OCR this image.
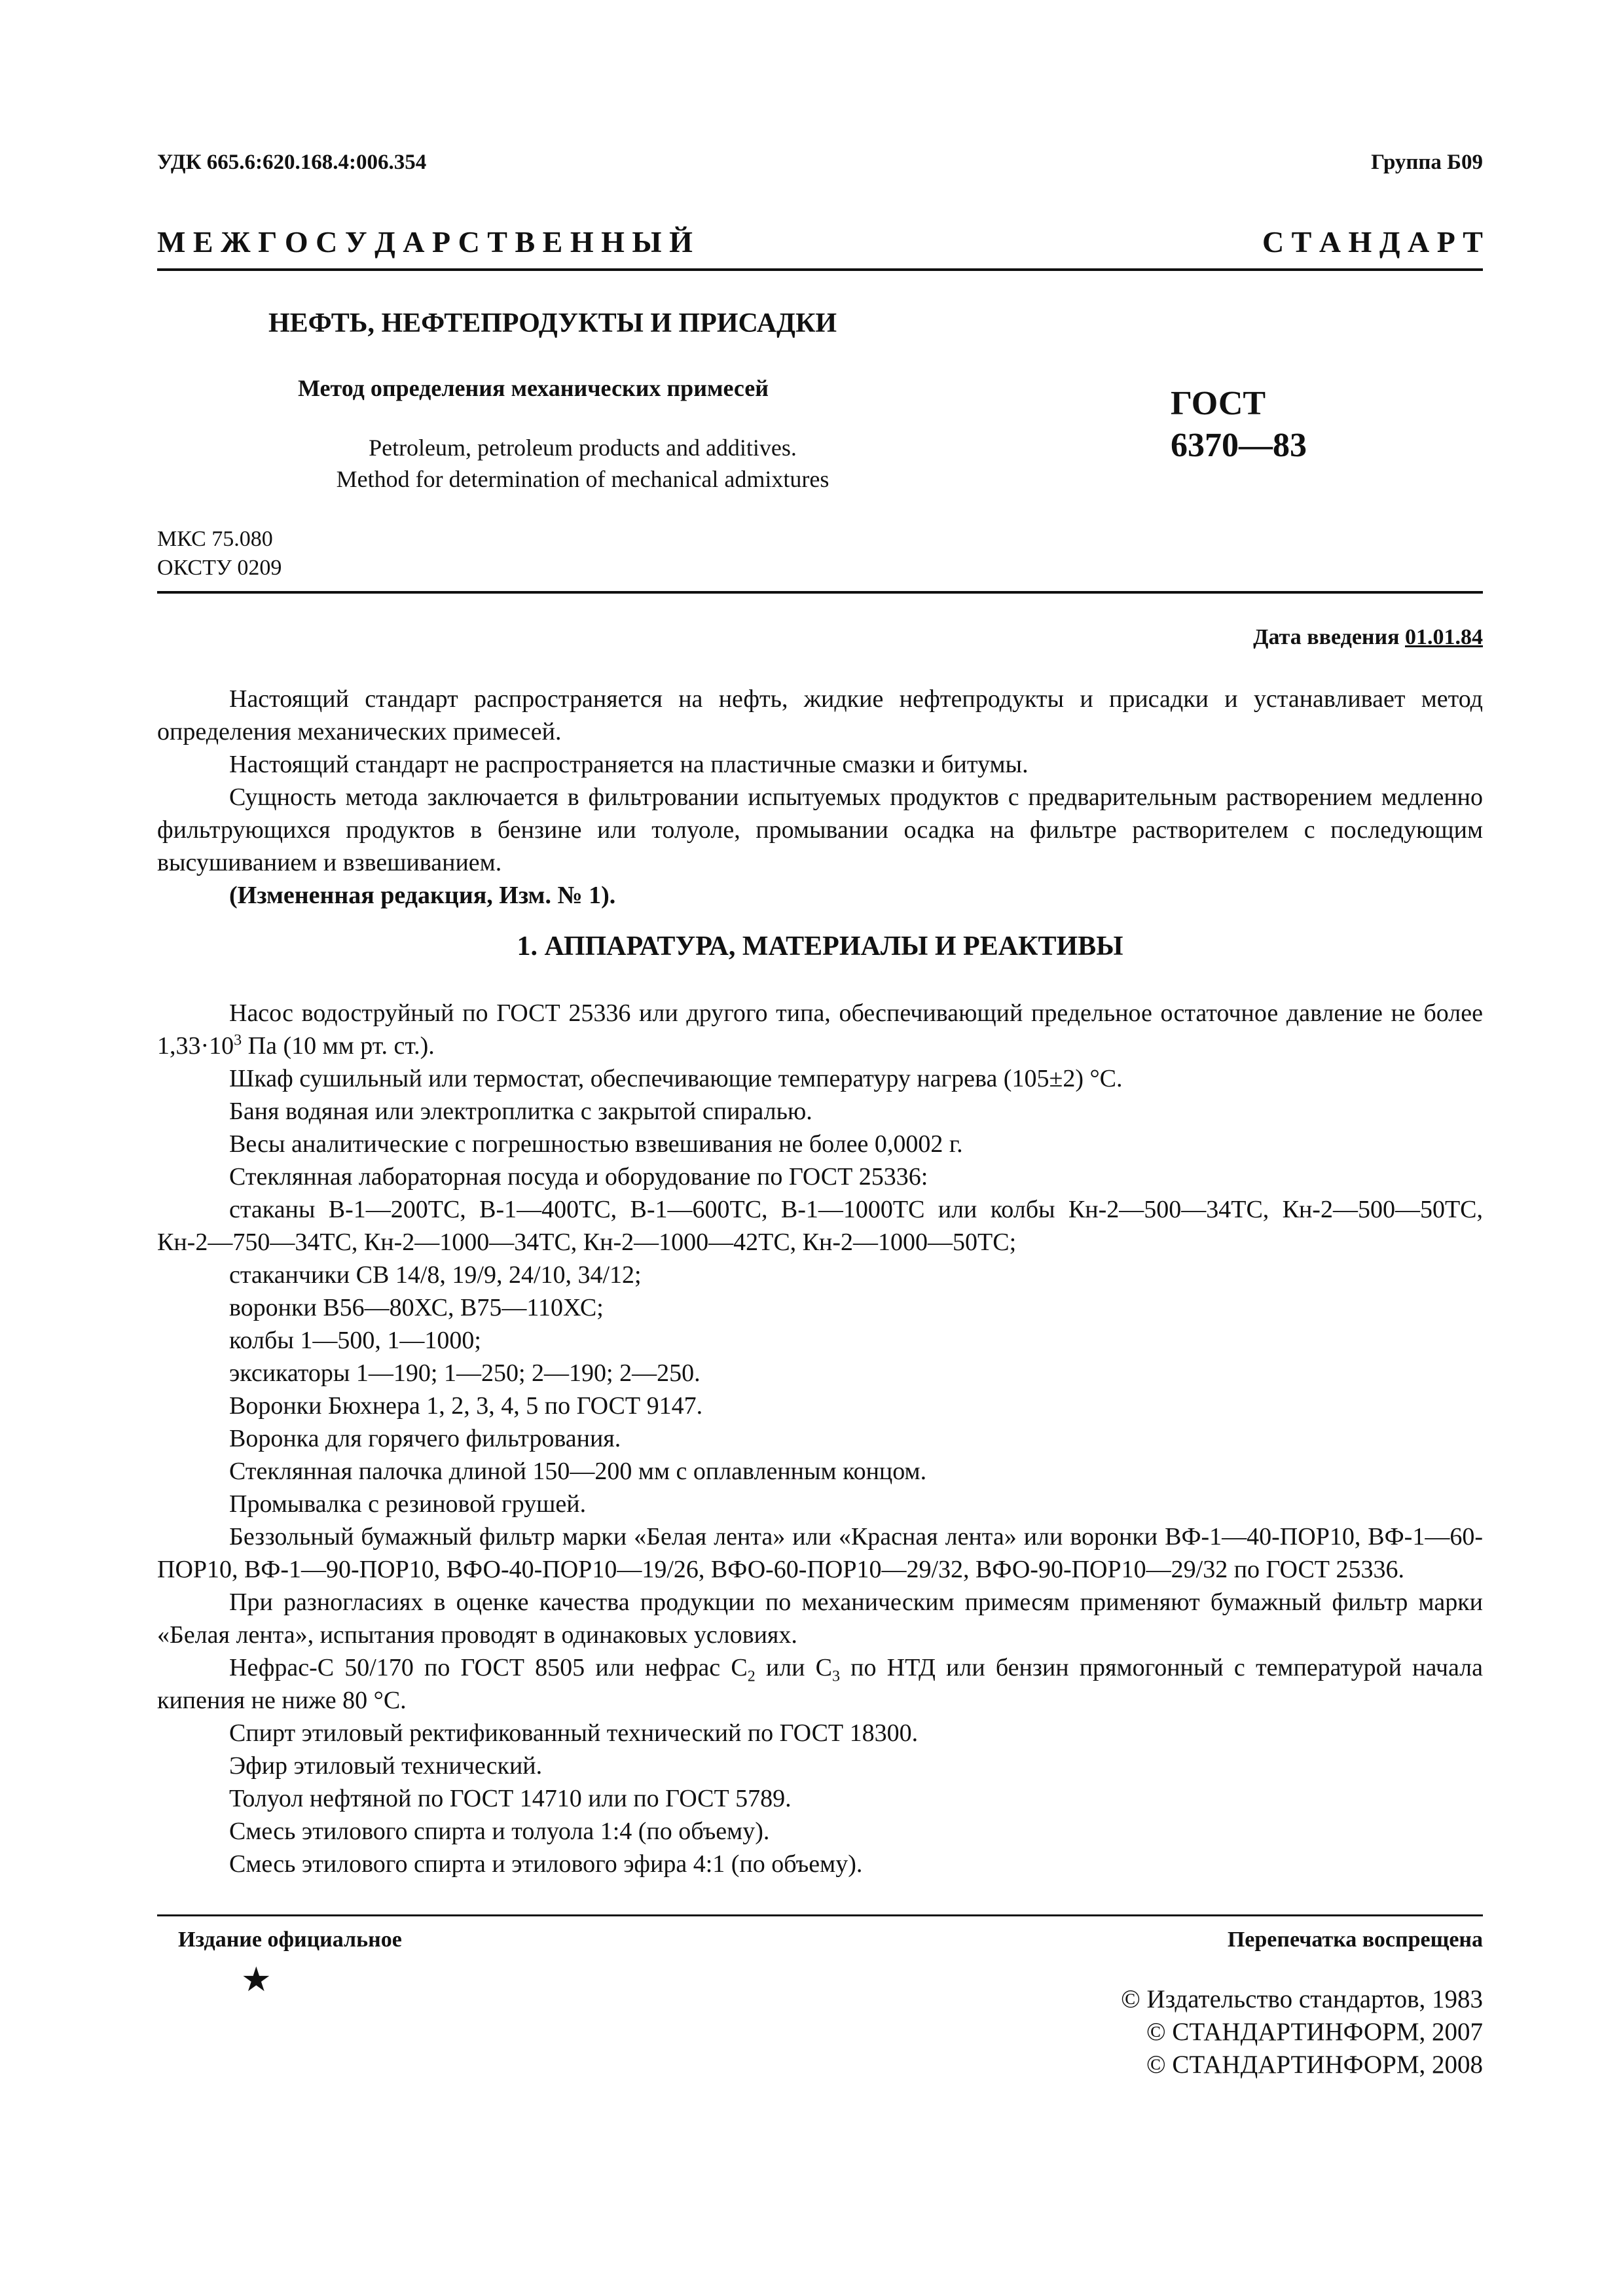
УДК 665.6:620.168.4:006.354	Группа Б09
М Е Ж Г О С У Д А Р С Т В Е Н Н Ы Й	С Т А Н Д А Р Т
НЕФТЬ, НЕФТЕПРОДУКТЫ И ПРИСАДКИ
Метод определения механических примесей
Petroleum, petroleum products and additives.
Method for determination of mechanical admixtures
ГОСТ
6370—83
МКС 75.080
ОКСТУ 0209
Дата введения 01.01.84
Настоящий стандарт распространяется на нефть, жидкие нефтепродукты и присадки и устанавливает метод определения механических примесей.
Настоящий стандарт не распространяется на пластичные смазки и битумы.
Сущность метода заключается в фильтровании испытуемых продуктов с предварительным растворением медленно фильтрующихся продуктов в бензине или толуоле, промывании осадка на фильтре растворителем с последующим высушиванием и взвешиванием.
(Измененная редакция, Изм. № 1).
1. АППАРАТУРА, МАТЕРИАЛЫ И РЕАКТИВЫ
Насос водоструйный по ГОСТ 25336 или другого типа, обеспечивающий предельное остаточное давление не более $1,33\cdot 10^3$ Па (10 мм рт. ст.).
Шкаф сушильный или термостат, обеспечивающие температуру нагрева (105±2) °С.
Баня водяная или электроплитка с закрытой спиралью.
Весы аналитические с погрешностью взвешивания не более 0,0002 г.
Стеклянная лабораторная посуда и оборудование по ГОСТ 25336:
стаканы В-1—200ТС, В-1—400ТС, В-1—600ТС, В-1—1000ТС или колбы Кн-2—500—34ТС, Кн-2—500—50ТС, Кн-2—750—34ТС, Кн-2—1000—34ТС, Кн-2—1000—42ТС, Кн-2—1000—50ТС;
стаканчики СВ 14/8, 19/9, 24/10, 34/12;
воронки В56—80ХС, В75—110ХС;
колбы 1—500, 1—1000;
эксикаторы 1—190; 1—250; 2—190; 2—250.
Воронки Бюхнера 1, 2, 3, 4, 5 по ГОСТ 9147.
Воронка для горячего фильтрования.
Стеклянная палочка длиной 150—200 мм с оплавленным концом.
Промывалка с резиновой грушей.
Беззольный бумажный фильтр марки «Белая лента» или «Красная лента» или воронки ВФ-1—40-ПОР10, ВФ-1—60-ПОР10, ВФ-1—90-ПОР10, ВФО-40-ПОР10—19/26, ВФО-60-ПОР10—29/32, ВФО-90-ПОР10—29/32 по ГОСТ 25336.
При разногласиях в оценке качества продукции по механическим примесям применяют бумажный фильтр марки «Белая лента», испытания проводят в одинаковых условиях.
Нефрас-С 50/170 по ГОСТ 8505 или нефрас $С_2$ или $С_3$ по НТД или бензин прямогонный с температурой начала кипения не ниже 80 °С.
Спирт этиловый ректификованный технический по ГОСТ 18300.
Эфир этиловый технический.
Толуол нефтяной по ГОСТ 14710 или по ГОСТ 5789.
Смесь этилового спирта и толуола 1:4 (по объему).
Смесь этилового спирта и этилового эфира 4:1 (по объему).
Издание официальное	Перепечатка воспрещена
★
© Издательство стандартов, 1983
© СТАНДАРТИНФОРМ, 2007
© СТАНДАРТИНФОРМ, 2008
